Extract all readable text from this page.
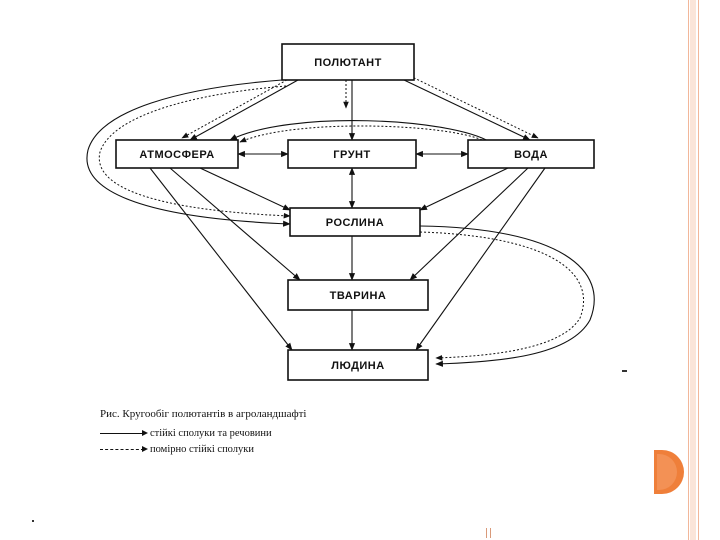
ПОЛЮТАНТ
АТМОСФЕРА	ГРУНТ	ВОДА
РОСЛИНА
ТВАРИНА
ЛЮДИНА
Рис. Кругообіг полютантів в агроландшафті
стійкі сполуки та речовини
помірно стійкі сполуки
